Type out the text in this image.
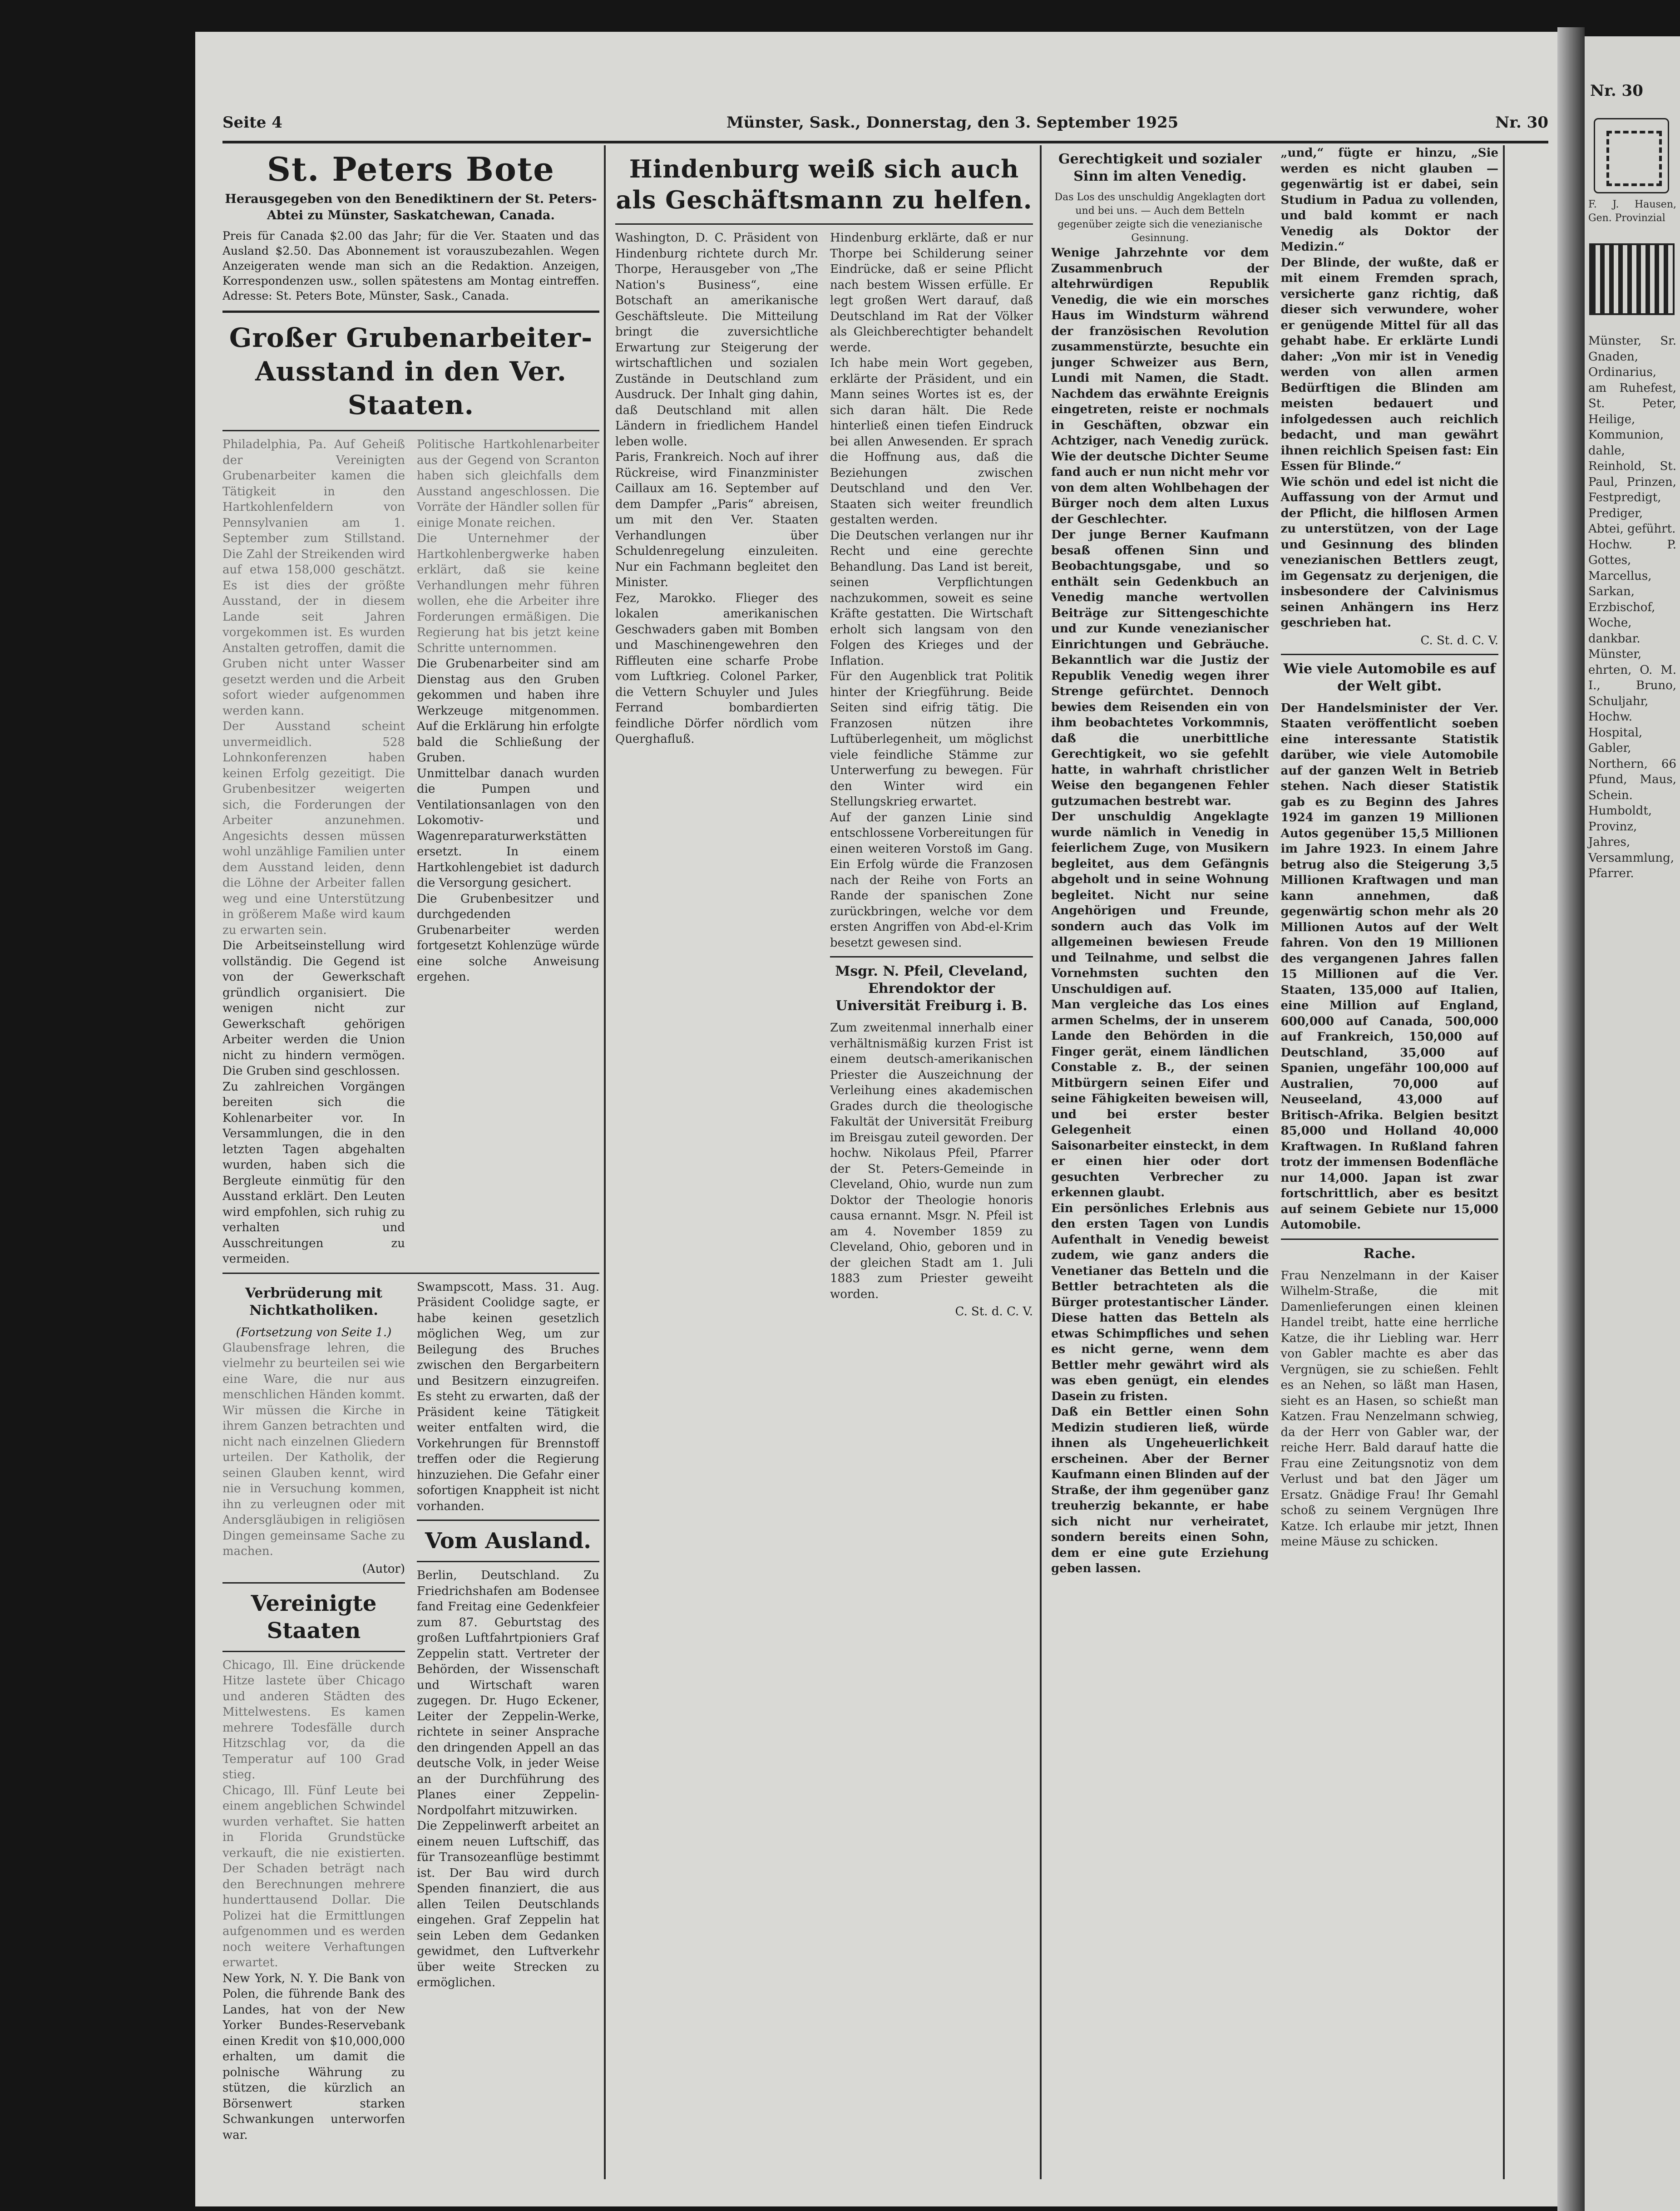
Seite 4	Münster, Sask., Donnerstag, den 3. September 1925	Nr. 30
St. Peters Bote
Herausgegeben von den Benediktinern der St. Peters-Abtei zu Münster, Saskatchewan, Canada.

Preis für Canada $2.00 das Jahr; für die Ver. Staaten und das Ausland $2.50. Das Abonnement ist vorauszubezahlen. Wegen Anzeigeraten wende man sich an die Redaktion. Anzeigen, Korrespondenzen usw., sollen spätestens am Montag eintreffen. Adresse: St. Peters Bote, Münster, Sask., Canada.

Großer Grubenarbeiter-Ausstand in den Ver. Staaten.

Philadelphia, Pa. Auf Geheiß der Vereinigten Grubenarbeiter kamen die Tätigkeit in den Hartkohlenfeldern von Pennsylvanien am 1. September zum Stillstand. Die Zahl der Streikenden wird auf etwa 158,000 geschätzt. Es ist dies der größte Ausstand, der in diesem Lande seit Jahren vorgekommen ist. Es wurden Anstalten getroffen, damit die Gruben nicht unter Wasser gesetzt werden und die Arbeit sofort wieder aufgenommen werden kann.

Der Ausstand scheint unvermeidlich. 528 Lohnkonferenzen haben keinen Erfolg gezeitigt. Die Grubenbesitzer weigerten sich, die Forderungen der Arbeiter anzunehmen. Angesichts dessen müssen wohl unzählige Familien unter dem Ausstand leiden, denn die Löhne der Arbeiter fallen weg und eine Unterstützung in größerem Maße wird kaum zu erwarten sein.

Die Arbeitseinstellung wird vollständig. Die Gegend ist von der Gewerkschaft gründlich organisiert. Die wenigen nicht zur Gewerkschaft gehörigen Arbeiter werden die Union nicht zu hindern vermögen. Die Gruben sind geschlossen.

Zu zahlreichen Vorgängen bereiten sich die Kohlenarbeiter vor. In Versammlungen, die in den letzten Tagen abgehalten wurden, haben sich die Bergleute einmütig für den Ausstand erklärt. Den Leuten wird empfohlen, sich ruhig zu verhalten und Ausschreitungen zu vermeiden.

Politische Hartkohlenarbeiter aus der Gegend von Scranton haben sich gleichfalls dem Ausstand angeschlossen. Die Vorräte der Händler sollen für einige Monate reichen.

Die Unternehmer der Hartkohlenbergwerke haben erklärt, daß sie keine Verhandlungen mehr führen wollen, ehe die Arbeiter ihre Forderungen ermäßigen. Die Regierung hat bis jetzt keine Schritte unternommen.

Die Grubenarbeiter sind am Dienstag aus den Gruben gekommen und haben ihre Werkzeuge mitgenommen. Auf die Erklärung hin erfolgte bald die Schließung der Gruben.

Unmittelbar danach wurden die Pumpen und Ventilationsanlagen von den Lokomotiv- und Wagenreparaturwerkstätten ersetzt. In einem Hartkohlengebiet ist dadurch die Versorgung gesichert.

Die Grubenbesitzer und durchgedenden Grubenarbeiter werden fortgesetzt Kohlenzüge würde eine solche Anweisung ergehen.

Verbrüderung mit Nichtkatholiken.
(Fortsetzung von Seite 1.)

Glaubensfrage lehren, die vielmehr zu beurteilen sei wie eine Ware, die nur aus menschlichen Händen kommt. Wir müssen die Kirche in ihrem Ganzen betrachten und nicht nach einzelnen Gliedern urteilen. Der Katholik, der seinen Glauben kennt, wird nie in Versuchung kommen, ihn zu verleugnen oder mit Andersgläubigen in religiösen Dingen gemeinsame Sache zu machen.

(Autor)
Vereinigte Staaten

Chicago, Ill. Eine drückende Hitze lastete über Chicago und anderen Städten des Mittelwestens. Es kamen mehrere Todesfälle durch Hitzschlag vor, da die Temperatur auf 100 Grad stieg.

Chicago, Ill. Fünf Leute bei einem angeblichen Schwindel wurden verhaftet. Sie hatten in Florida Grundstücke verkauft, die nie existierten. Der Schaden beträgt nach den Berechnungen mehrere hunderttausend Dollar. Die Polizei hat die Ermittlungen aufgenommen und es werden noch weitere Verhaftungen erwartet.

New York, N. Y. Die Bank von Polen, die führende Bank des Landes, hat von der New Yorker Bundes-Reservebank einen Kredit von $10,000,000 erhalten, um damit die polnische Währung zu stützen, die kürzlich an Börsenwert starken Schwankungen unterworfen war.

Swampscott, Mass. 31. Aug. Präsident Coolidge sagte, er habe keinen gesetzlich möglichen Weg, um zur Beilegung des Bruches zwischen den Bergarbeitern und Besitzern einzugreifen. Es steht zu erwarten, daß der Präsident keine Tätigkeit weiter entfalten wird, die Vorkehrungen für Brennstoff treffen oder die Regierung hinzuziehen. Die Gefahr einer sofortigen Knappheit ist nicht vorhanden.

Vom Ausland.

Berlin, Deutschland. Zu Friedrichshafen am Bodensee fand Freitag eine Gedenkfeier zum 87. Geburtstag des großen Luftfahrtpioniers Graf Zeppelin statt. Vertreter der Behörden, der Wissenschaft und Wirtschaft waren zugegen. Dr. Hugo Eckener, Leiter der Zeppelin-Werke, richtete in seiner Ansprache den dringenden Appell an das deutsche Volk, in jeder Weise an der Durchführung des Planes einer Zeppelin-Nordpolfahrt mitzuwirken.

Die Zeppelinwerft arbeitet an einem neuen Luftschiff, das für Transozeanflüge bestimmt ist. Der Bau wird durch Spenden finanziert, die aus allen Teilen Deutschlands eingehen. Graf Zeppelin hat sein Leben dem Gedanken gewidmet, den Luftverkehr über weite Strecken zu ermöglichen.

Hindenburg weiß sich auch als Geschäftsmann zu helfen.

Washington, D. C. Präsident von Hindenburg richtete durch Mr. Thorpe, Herausgeber von „The Nation's Business“, eine Botschaft an amerikanische Geschäftsleute. Die Mitteilung bringt die zuversichtliche Erwartung zur Steigerung der wirtschaftlichen und sozialen Zustände in Deutschland zum Ausdruck. Der Inhalt ging dahin, daß Deutschland mit allen Ländern in friedlichem Handel leben wolle.

Paris, Frankreich. Noch auf ihrer Rückreise, wird Finanzminister Caillaux am 16. September auf dem Dampfer „Paris“ abreisen, um mit den Ver. Staaten Verhandlungen über Schuldenregelung einzuleiten. Nur ein Fachmann begleitet den Minister.

Fez, Marokko. Flieger des lokalen amerikanischen Geschwaders gaben mit Bomben und Maschinengewehren den Riffleuten eine scharfe Probe vom Luftkrieg. Colonel Parker, die Vettern Schuyler und Jules Ferrand bombardierten feindliche Dörfer nördlich vom Querghafluß.

Hindenburg erklärte, daß er nur Thorpe bei Schilderung seiner Eindrücke, daß er seine Pflicht nach bestem Wissen erfülle. Er legt großen Wert darauf, daß Deutschland im Rat der Völker als Gleichberechtigter behandelt werde.

Ich habe mein Wort gegeben, erklärte der Präsident, und ein Mann seines Wortes ist es, der sich daran hält. Die Rede hinterließ einen tiefen Eindruck bei allen Anwesenden. Er sprach die Hoffnung aus, daß die Beziehungen zwischen Deutschland und den Ver. Staaten sich weiter freundlich gestalten werden.

Die Deutschen verlangen nur ihr Recht und eine gerechte Behandlung. Das Land ist bereit, seinen Verpflichtungen nachzukommen, soweit es seine Kräfte gestatten. Die Wirtschaft erholt sich langsam von den Folgen des Krieges und der Inflation.

Für den Augenblick trat Politik hinter der Kriegführung. Beide Seiten sind eifrig tätig. Die Franzosen nützen ihre Luftüberlegenheit, um möglichst viele feindliche Stämme zur Unterwerfung zu bewegen. Für den Winter wird ein Stellungskrieg erwartet.

Auf der ganzen Linie sind entschlossene Vorbereitungen für einen weiteren Vorstoß im Gang. Ein Erfolg würde die Franzosen nach der Reihe von Forts an Rande der spanischen Zone zurückbringen, welche vor dem ersten Angriffen von Abd-el-Krim besetzt gewesen sind.

Msgr. N. Pfeil, Cleveland, Ehrendoktor der Universität Freiburg i. B.

Zum zweitenmal innerhalb einer verhältnismäßig kurzen Frist ist einem deutsch-amerikanischen Priester die Auszeichnung der Verleihung eines akademischen Grades durch die theologische Fakultät der Universität Freiburg im Breisgau zuteil geworden. Der hochw. Nikolaus Pfeil, Pfarrer der St. Peters-Gemeinde in Cleveland, Ohio, wurde nun zum Doktor der Theologie honoris causa ernannt. Msgr. N. Pfeil ist am 4. November 1859 zu Cleveland, Ohio, geboren und in der gleichen Stadt am 1. Juli 1883 zum Priester geweiht worden.

C. St. d. C. V.
Gerechtigkeit und sozialer Sinn im alten Venedig.

Das Los des unschuldig Angeklagten dort und bei uns. — Auch dem Betteln gegenüber zeigte sich die venezianische Gesinnung.

Wenige Jahrzehnte vor dem Zusammenbruch der altehrwürdigen Republik Venedig, die wie ein morsches Haus im Windsturm während der französischen Revolution zusammenstürzte, besuchte ein junger Schweizer aus Bern, Lundi mit Namen, die Stadt. Nachdem das erwähnte Ereignis eingetreten, reiste er nochmals in Geschäften, obzwar ein Achtziger, nach Venedig zurück. Wie der deutsche Dichter Seume fand auch er nun nicht mehr vor von dem alten Wohlbehagen der Bürger noch dem alten Luxus der Geschlechter.

Der junge Berner Kaufmann besaß offenen Sinn und Beobachtungsgabe, und so enthält sein Gedenkbuch an Venedig manche wertvollen Beiträge zur Sittengeschichte und zur Kunde venezianischer Einrichtungen und Gebräuche. Bekanntlich war die Justiz der Republik Venedig wegen ihrer Strenge gefürchtet. Dennoch bewies dem Reisenden ein von ihm beobachtetes Vorkommnis, daß die unerbittliche Gerechtigkeit, wo sie gefehlt hatte, in wahrhaft christlicher Weise den begangenen Fehler gutzumachen bestrebt war.

Der unschuldig Angeklagte wurde nämlich in Venedig in feierlichem Zuge, von Musikern begleitet, aus dem Gefängnis abgeholt und in seine Wohnung begleitet. Nicht nur seine Angehörigen und Freunde, sondern auch das Volk im allgemeinen bewiesen Freude und Teilnahme, und selbst die Vornehmsten suchten den Unschuldigen auf.

Man vergleiche das Los eines armen Schelms, der in unserem Lande den Behörden in die Finger gerät, einem ländlichen Constable z. B., der seinen Mitbürgern seinen Eifer und seine Fähigkeiten beweisen will, und bei erster bester Gelegenheit einen Saisonarbeiter einsteckt, in dem er einen hier oder dort gesuchten Verbrecher zu erkennen glaubt.

Ein persönliches Erlebnis aus den ersten Tagen von Lundis Aufenthalt in Venedig beweist zudem, wie ganz anders die Venetianer das Betteln und die Bettler betrachteten als die Bürger protestantischer Länder. Diese hatten das Betteln als etwas Schimpfliches und sehen es nicht gerne, wenn dem Bettler mehr gewährt wird als was eben genügt, ein elendes Dasein zu fristen.

Daß ein Bettler einen Sohn Medizin studieren ließ, würde ihnen als Ungeheuerlichkeit erscheinen. Aber der Berner Kaufmann einen Blinden auf der Straße, der ihm gegenüber ganz treuherzig bekannte, er habe sich nicht nur verheiratet, sondern bereits einen Sohn, dem er eine gute Erziehung geben lassen.

„und,“ fügte er hinzu, „Sie werden es nicht glauben — gegenwärtig ist er dabei, sein Studium in Padua zu vollenden, und bald kommt er nach Venedig als Doktor der Medizin.“

Der Blinde, der wußte, daß er mit einem Fremden sprach, versicherte ganz richtig, daß dieser sich verwundere, woher er genügende Mittel für all das gehabt habe. Er erklärte Lundi daher: „Von mir ist in Venedig werden von allen armen Bedürftigen die Blinden am meisten bedauert und infolgedessen auch reichlich bedacht, und man gewährt ihnen reichlich Speisen fast: Ein Essen für Blinde.“

Wie schön und edel ist nicht die Auffassung von der Armut und der Pflicht, die hilflosen Armen zu unterstützen, von der Lage und Gesinnung des blinden venezianischen Bettlers zeugt, im Gegensatz zu derjenigen, die insbesondere der Calvinismus seinen Anhängern ins Herz geschrieben hat.

C. St. d. C. V.
Wie viele Automobile es auf der Welt gibt.

Der Handelsminister der Ver. Staaten veröffentlicht soeben eine interessante Statistik darüber, wie viele Automobile auf der ganzen Welt in Betrieb stehen. Nach dieser Statistik gab es zu Beginn des Jahres 1924 im ganzen 19 Millionen Autos gegenüber 15,5 Millionen im Jahre 1923. In einem Jahre betrug also die Steigerung 3,5 Millionen Kraftwagen und man kann annehmen, daß gegenwärtig schon mehr als 20 Millionen Autos auf der Welt fahren. Von den 19 Millionen des vergangenen Jahres fallen 15 Millionen auf die Ver. Staaten, 135,000 auf Italien, eine Million auf England, 600,000 auf Canada, 500,000 auf Frankreich, 150,000 auf Deutschland, 35,000 auf Spanien, ungefähr 100,000 auf Australien, 70,000 auf Neuseeland, 43,000 auf Britisch-Afrika. Belgien besitzt 85,000 und Holland 40,000 Kraftwagen. In Rußland fahren trotz der immensen Bodenfläche nur 14,000. Japan ist zwar fortschrittlich, aber es besitzt auf seinem Gebiete nur 15,000 Automobile.

Rache.

Frau Nenzelmann in der Kaiser Wilhelm-Straße, die mit Damenlieferungen einen kleinen Handel treibt, hatte eine herrliche Katze, die ihr Liebling war. Herr von Gabler machte es aber das Vergnügen, sie zu schießen. Fehlt es an Nehen, so läßt man Hasen, sieht es an Hasen, so schießt man Katzen. Frau Nenzelmann schwieg, da der Herr von Gabler war, der reiche Herr. Bald darauf hatte die Frau eine Zeitungsnotiz von dem Verlust und bat den Jäger um Ersatz. Gnädige Frau! Ihr Gemahl schoß zu seinem Vergnügen Ihre Katze. Ich erlaube mir jetzt, Ihnen meine Mäuse zu schicken.

Nr. 30

F. J. Hausen, Gen. Provinzial

Münster, Sr. Gnaden, Ordinarius, am Ruhefest, St. Peter, Heilige, Kommunion, dahle, Reinhold, St. Paul, Prinzen, Festpredigt, Prediger, Abtei, geführt.

Hochw. P. Gottes, Marcellus, Sarkan, Erzbischof, Woche, dankbar.

Münster, ehrten, O. M. I., Bruno, Schuljahr, Hochw. Hospital, Gabler, Northern, 66 Pfund, Maus, Schein.

Humboldt, Provinz, Jahres, Versammlung, Pfarrer.
